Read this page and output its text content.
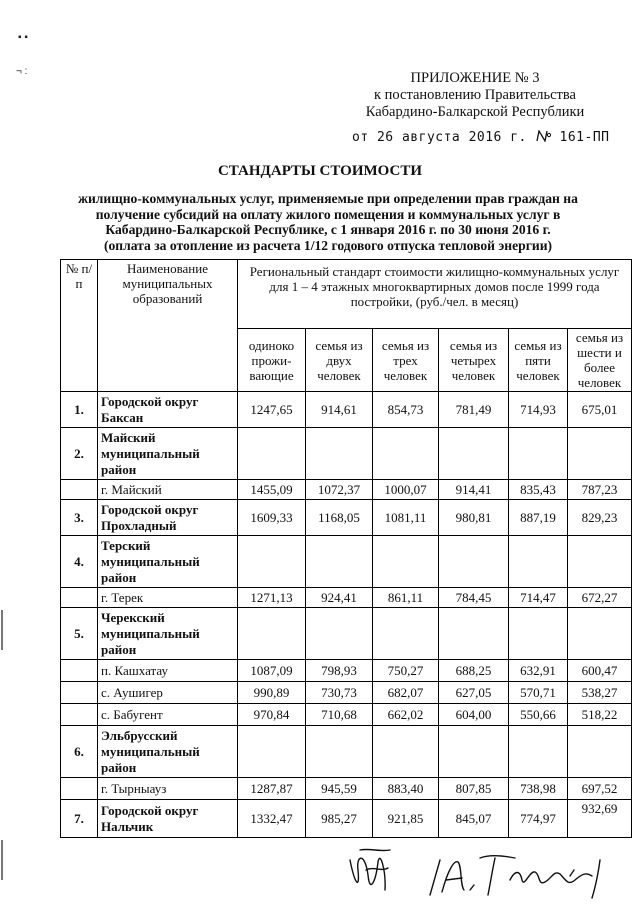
▪ ▪
¬ :	ПРИЛОЖЕНИЕ № 3
к постановлению Правительства
Кабардино-Балкарской Республики
от 26 августа 2016 г.	161-ПП
СТАНДАРТЫ СТОИМОСТИ
жилищно-коммунальных услуг, применяемые при определении прав граждан на
получение субсидий на оплату жилого помещения и коммунальных услуг в
Кабардино-Балкарской Республике, с 1 января 2016 г. по 30 июня 2016 г.
(оплата за отопление из расчета 1/12 годового отпуска тепловой энергии)
№ п/п	Наименование муниципальных образований	Региональный стандарт стоимости жилищно-коммунальных услуг для 1 – 4 этажных многоквартирных домов после 1999 года постройки, (руб./чел. в месяц)					
		одиноко прожи-вающие	семья из двух человек	семья из трех человек	семья из четырех человек	семья из пяти человек	семья из шести и более человек
1.	Городской округ Баксан	1247,65	914,61	854,73	781,49	714,93	675,01
2.	Майский муниципальный район						
	г. Майский	1455,09	1072,37	1000,07	914,41	835,43	787,23
3.	Городской округ Прохладный	1609,33	1168,05	1081,11	980,81	887,19	829,23
4.	Терский муниципальный район						
	г. Терек	1271,13	924,41	861,11	784,45	714,47	672,27
5.	Черекский муниципальный район						
	п. Кашхатау	1087,09	798,93	750,27	688,25	632,91	600,47
	с. Аушигер	990,89	730,73	682,07	627,05	570,71	538,27
	с. Бабугент	970,84	710,68	662,02	604,00	550,66	518,22
6.	Эльбрусский муниципальный район						
	г. Тырныауз	1287,87	945,59	883,40	807,85	738,98	697,52
7.	Городской округ Нальчик	1332,47	985,27	921,85	845,07	774,97	932,69
/А. Тлупушков/
